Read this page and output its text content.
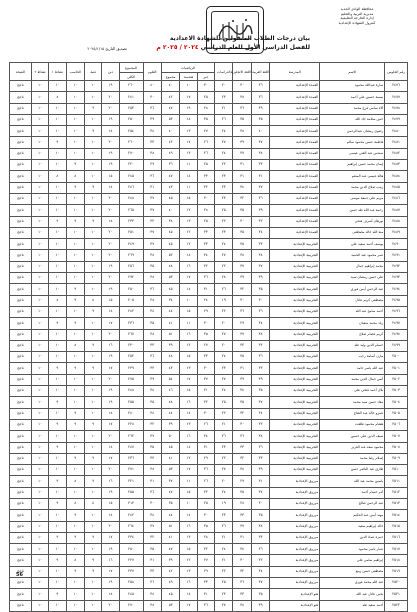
محافظة الوادي الجديد
مديرية التربية والتعليم
إدارة الخارجة التعليمية
كنترول الشهادة الإعدادية
بيان درجات الطلاب المنقولين للشهادة الاعدادية
للفصل الدراسي الأول للعام الدراسي ٢٠٢٤ / ٢٠٢٥ م
تصديق التاريخ ٢٠٢٥/١/١٥
رقم الجلوس	الاسم	المدرسة	اللغة العربية	اللغة الانجليزية	الدراسات	الرياضيات			العلوم	المجموع	دين	فنية	الحاسب	نشاط ١	نشاط ٢	النتيجة
						جبر	هندسة	مجموع		الكلي						
٢٤٧٦	سارة عبدالله محمود	العمدة الإعدادية	٣٦	٣٠	٢٠	٣٠	١٠	٤٠	٤٠	٢٦٠	١٩	١٠	١٠	١٠	١٠	ناجح
٢٤٧٧	بسمة حسين علي أحمد	العمدة الإعدادية	٣٦	٣٨	٢٣	٢٥	١٧	٤٢	٣٠	٢٤١	٢٠	١٠	١٠	٨	١٠	ناجح
٢٤٧٨	آلاء سامي فرج محمد	العمدة الإعدادية	٣٩	٣٦	٢١	٢٨	١٩	٤٧	٣٦	٢٥٣	٢٠	٩	١٠	١٠	١٠	ناجح
٢٤٧٩	حنين سلامة جاد الله	العمدة الإعدادية	٣٥	٣٥	٢٦	٣٥	١٨	٥٣	٣٩	٢٥٠	١٩	١٠	١٠	١٠	١٠	ناجح
٢٤٨٠	رضوى رمضان عبدالرحمن	العمدة الإعدادية	٤٠	٣٨	٢٤	٢٧	١٣	٤٠	٣٤	٢٥٤	١٨	٩	١٠	١٠	١٠	ناجح
٢٤٨١	فاطمة حسن محمود سالم	العمدة الإعدادية	٣٧	٣٩	٢٧	٢٦	١٧	٤٣	٣٣	٢٦٠	٢٠	١٠	١٠	٩	١٠	ناجح
٢٤٨٢	سندس عبد الغني عيسى	العمدة الإعدادية	٣٨	٣٧	٢٤	٣٦	١٣	٤٩	٣٨	٢٧٠	١٩	١٠	١٠	١٠	١٠	ناجح
٢٤٨٣	إيمان محمد حسن إبراهيم	العمدة الإعدادية	٣٣	٣١	٢٢	٢٥	١١	٣٦	٢٩	٢٢٠	١٩	١٠	٩	١٠	١٠	ناجح
٢٤٨٤	هالة عيسى عبد المنعم	العمدة الإعدادية	٣١	٣١	٢٣	٣٣	١٤	٤٧	٣٦	٢٤٥	١٥	١٠	٨	٨	١٠	ناجح
٢٤٨٥	زينب صلاح الدين محمد	العمدة الإعدادية	٣٧	٣٤	٢٣	٣٢	١١	٤٣	٣١	٢٤٦	١٨	٩	٩	١٠	١٠	ناجح
٢٤٨٦	مريم علي جمعة موسى	العمدة الإعدادية	٣٦	٣٢	٢٣	٣٠	١٥	٤٥	٣٧	٢٤٨	٢٠	١٠	١٠	١٠	١٠	ناجح
٢٤٨٧	رحمة عبد الله طه حسن	العمدة الإعدادية	٣٩	٣٥	٢٥	٢٨	١٢	٤٠	٣٧	٢٦٥	٢٠	١٠	١٠	١٠	١٠	ناجح
٢٤٨٨	نورهان أشرف فتحي	العمدة الإعدادية	٣٢	٣٠	٢٢	٢٥	١٣	٣٨	٣٢	٢٣٣	١٨	٩	٩	٩	١٠	ناجح
٢٤٨٩	منة الله خالد مصطفى	العمدة الإعدادية	٣٤	٣٥	٢٣	٣٣	١٢	٤٥	٣٧	٢٥١	٢٠	١٠	١٠	١٠	١٠	ناجح
٢٤٩٠	يوسف أحمد سعيد علي	التجريبية الإعدادية	٣٣	٣٥	٢٤	٣٣	١٢	٤٥	٣٧	٢٤٩	٢٠	١٠	١٠	١٠	١٠	ناجح
٢٤٩١	عمر محمود عبد الحميد	التجريبية الإعدادية	٣٨	٣٨	٢٧	٣٤	١٨	٥٢	٣٨	٢٦٩	٢٠	١٠	١٠	١٠	١٠	ناجح
٢٤٩٢	محمد إبراهيم جمال	التجريبية الإعدادية	٣٧	٣٧	٢٢	٣٢	١٦	٤٨	٣٥	٢٥٦	١٩	١٠	١٠	١٠	١٠	ناجح
٢٤٩٣	علي حسن رمضان سيد	التجريبية الإعدادية	٣٩	٣٩	٢٨	٣٦	١٧	٥٣	٣٨	٢٧٢	٢٠	١٠	١٠	١٠	١٠	ناجح
٢٤٩٤	عبد الرحمن أيمن فوزي	التجريبية الإعدادية	٣٥	٣٢	٢٦	٣١	١٤	٤٥	٣٦	٢٥٠	١٩	١٠	٩	١٠	١٠	ناجح
٢٤٩٥	مصطفى كريم عادل	التجريبية الإعدادية	٣٠	٣٠	١٩	٢٤	١٠	٣٤	٢٨	٢٠٥	١٥	٨	٩	٨	١٠	ناجح
٢٤٩٦	أحمد سامح عبد الله	التجريبية الإعدادية	٣٦	٣٦	٢٢	٢٩	١٥	٤٤	٣٤	٢٤٢	١٨	٩	١٠	١٠	١٠	ناجح
٢٤٩٧	زياد محمد شعبان	التجريبية الإعدادية	٣٤	٢٩	٢٠	٣٠	١١	٤١	٣٥	٢٣٦	١٧	١٠	٩	٩	١٠	ناجح
٢٤٩٨	كريم عصام صلاح	التجريبية الإعدادية	٣٨	٣٧	٢٧	٣٥	١٦	٥١	٣٨	٢٦٧	٢٠	١٠	١٠	١٠	١٠	ناجح
٢٤٩٩	حسام الدين وليد طه	التجريبية الإعدادية	٣٢	٣٣	٢٠	٢٧	١٢	٣٩	٣٣	٢٣٠	١٦	٩	٨	١٠	١٠	ناجح
٢٥٠٠	مازن أسامة رجب	التجريبية الإعدادية	٣٦	٣٥	٢٤	٣٣	١٥	٤٨	٣٦	٢٥٢	١٩	١٠	١٠	١٠	١٠	ناجح
٢٥٠١	عبد الله ياسر حامد	التجريبية الإعدادية	٣٣	٣١	٢٣	٣٠	١٣	٤٣	٣٣	٢٣٩	١٧	٩	٩	٩	١٠	ناجح
٢٥٠٢	أنس جمال الدين محمد	التجريبية الإعدادية	٣٩	٣٩	٢٧	٣٧	١٧	٥٤	٣٩	٢٧٥	٢٠	١٠	١٠	١٠	١٠	ناجح
٢٥٠٣	بلال أحمد فتحي علي	التجريبية الإعدادية	٣٥	٣٤	٢٤	٣١	١٥	٤٦	٣٤	٢٤٨	١٩	١٠	١٠	١٠	١٠	ناجح
٢٥٠٤	معاذ حسن سيد محمد	التجريبية الإعدادية	٣٧	٣٥	٢٥	٣٢	١٦	٤٨	٣٥	٢٥٥	١٩	١٠	١٠	٩	١٠	ناجح
٢٥٠٥	عمرو خالد عبد الفتاح	التجريبية الإعدادية	٣٤	٣٢	٢٢	٣٠	١٤	٤٤	٣٤	٢٤٠	١٨	١٠	٩	١٠	١٠	ناجح
٢٥٠٦	هشام محمود طلعت	التجريبية الإعدادية	٣٢	٣٠	٢١	٢٦	١٣	٣٩	٣٢	٢٢٨	١٧	٩	٩	٩	١٠	ناجح
٢٥٠٧	سيف الدين علي حسين	التجريبية الإعدادية	٣٨	٣٦	٢٦	٣٤	١٦	٥٠	٣٧	٢٦٢	٢٠	١٠	١٠	١٠	١٠	ناجح
٢٥٠٨	محمود سعد عبد العزيز	التجريبية الإعدادية	٣٦	٣٣	٢٣	٣١	١٤	٤٥	٣٥	٢٤٧	١٨	١٠	١٠	٩	١٠	ناجح
٢٥٠٩	إسلام رضا محمد	التجريبية الإعدادية	٣٣	٣٢	٢٢	٢٩	١٢	٤١	٣٣	٢٣٦	١٧	٩	٩	١٠	١٠	ناجح
٢٥١٠	طارق عبد الناصر حسن	التجريبية الإعدادية	٣٩	٣٨	٢٧	٣٦	١٧	٥٣	٣٨	٢٧١	٢٠	١٠	١٠	١٠	١٠	ناجح
٢٥١١	ياسين محمد عبد الله	مرزوق الإعدادية	٣١	٢٩	٢٠	٢٦	١١	٣٧	٣١	٢٢١	١٦	٩	٨	٩	١٠	ناجح
٢٥١٢	آدم حسام أحمد	مرزوق الإعدادية	٣٧	٣٥	٢٤	٣٢	١٥	٤٧	٣٦	٢٥٥	١٩	١٠	١٠	١٠	١٠	ناجح
٢٥١٣	عبد الرحمن صالح	مرزوق الإعدادية	٣٠	٢٨	١٩	٢٥	١٠	٣٥	٣٠	٢١٣	١٥	٨	٨	٩	١٠	ناجح
٢٥١٤	مهند أيمن عبد الحكيم	مرزوق الإعدادية	٣٥	٣٣	٢٣	٣٠	١٤	٤٤	٣٤	٢٤٢	١٨	١٠	٩	١٠	١٠	ناجح
٢٥١٥	خالد إبراهيم سعيد	مرزوق الإعدادية	٣٨	٣٧	٢٦	٣٥	١٦	٥١	٣٧	٢٦٤	٢٠	١٠	١٠	١٠	١٠	ناجح
٢٥١٦	حمزة عماد الدين	مرزوق الإعدادية	٣٣	٣١	٢١	٢٨	١٣	٤١	٣٢	٢٣٤	١٧	٩	٩	٩	١٠	ناجح
٢٥١٧	عمار ياسر محمود	مرزوق الإعدادية	٣٦	٣٤	٢٤	٣٢	١٥	٤٧	٣٥	٢٥٠	١٩	١٠	١٠	١٠	١٠	ناجح
٢٥١٨	إبراهيم سامي علي	مرزوق الإعدادية	٣٢	٣٠	٢١	٢٧	١٢	٣٩	٣١	٢٢٧	١٦	٩	٨	٩	١٠	ناجح
٢٥١٩	مصطفى حسن ربيع	مرزوق الإعدادية	٣٤	٣٢	٢٢	٢٩	١٣	٤٢	٣٣	٢٣٧	١٧	٩	٩	١٠	١٠	ناجح
٢٥٢٠	عبد الله محمد فوزي	مرزوق الإعدادية	٣٧	٣٦	٢٥	٣٣	١٦	٤٩	٣٦	٢٥٨	١٩	١٠	١٠	١٠	١٠	ناجح
٢٥٢١	يحيى عادل عبد الله	هنو الإعدادية	٣٥	٣٣	٢٣	٣١	١٤	٤٥	٣٤	٢٤٥	١٨	١٠	١٠	٩	١٠	ناجح
٢٥٢٢	أحمد سعيد طه	هنو الإعدادية	٣٩	٣٨	٢٧	٣٦	١٧	٥٣	٣٨	٢٧٠	٢٠	١٠	١٠	١٠	١٠	ناجح
56
